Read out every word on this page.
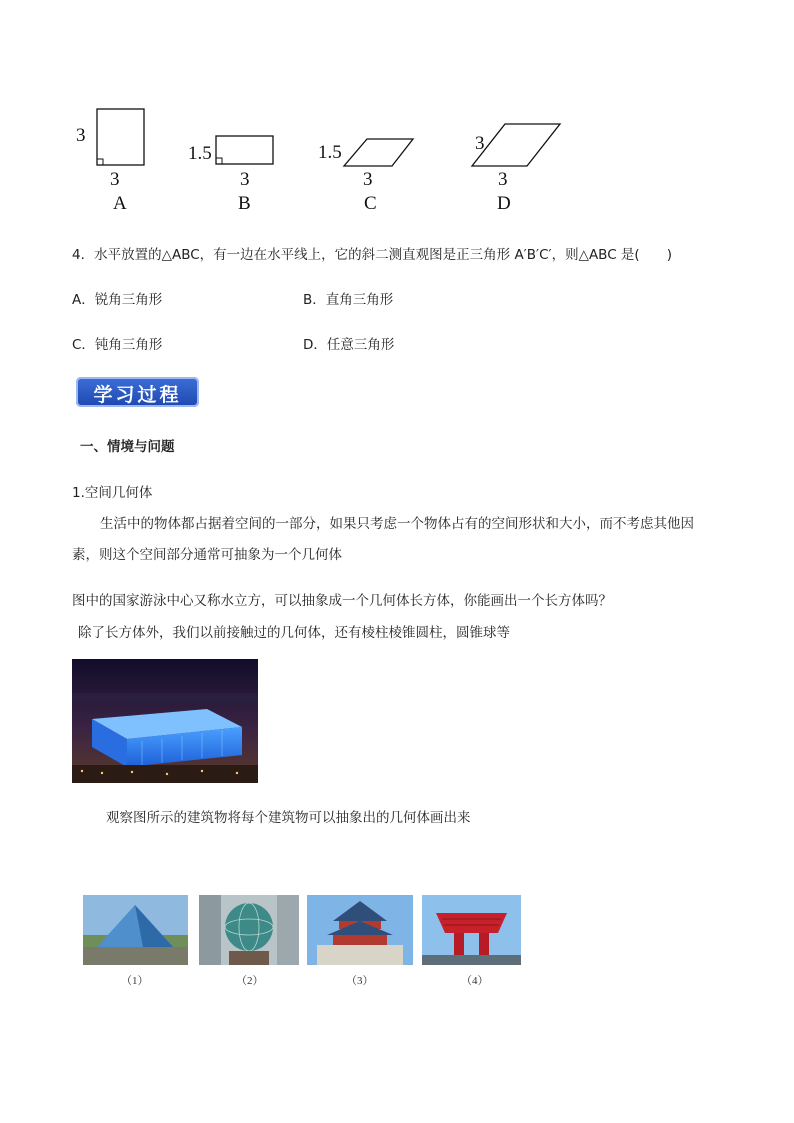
3
3
A
1.5
3
B
1.5
3
C
3
3
D
4．水平放置的△ABC，有一边在水平线上，它的斜二测直观图是正三角形 A′B′C′，则△ABC 是(　　)
A．锐角三角形	B．直角三角形
C．钝角三角形	D．任意三角形
学习过程
一、情境与问题
1.空间几何体
生活中的物体都占据着空间的一部分，如果只考虑一个物体占有的空间形状和大小，而不考虑其他因
素，则这个空间部分通常可抽象为一个几何体
图中的国家游泳中心又称水立方，可以抽象成一个几何体长方体，你能画出一个长方体吗？
除了长方体外，我们以前接触过的几何体，还有棱柱棱锥圆柱，圆锥球等
观察图所示的建筑物将每个建筑物可以抽象出的几何体画出来
（1）	（2）	（3）	（4）
